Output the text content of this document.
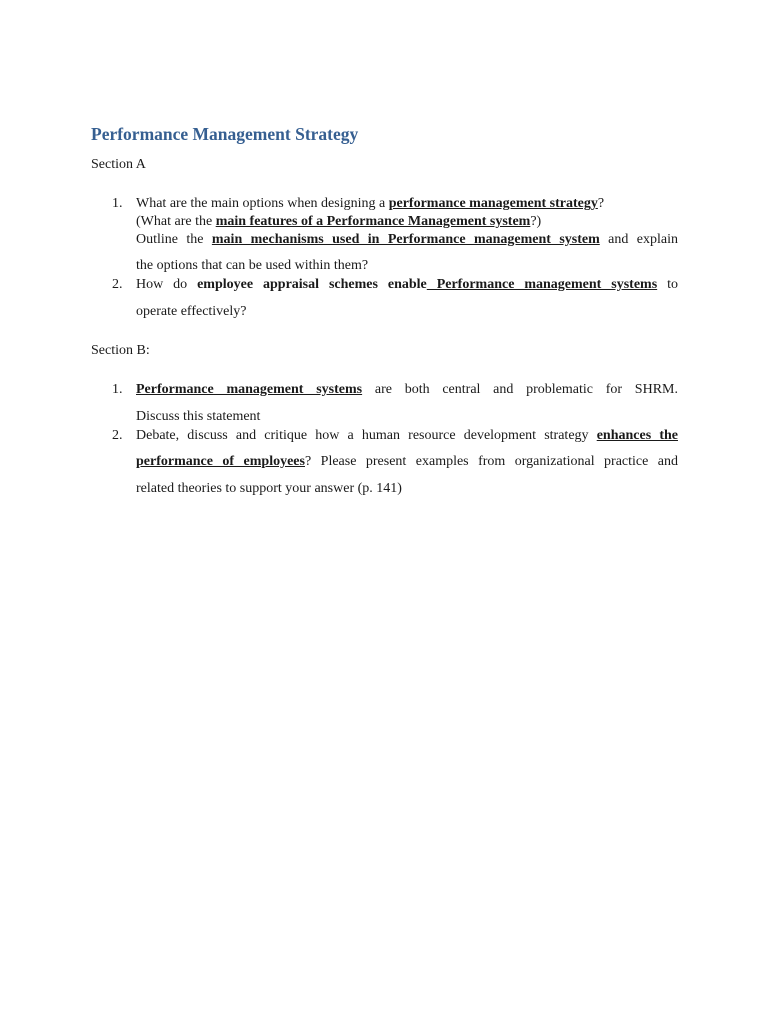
Performance Management Strategy
Section A
1. What are the main options when designing a performance management strategy?
(What are the main features of a Performance Management system?)
Outline the main mechanisms used in Performance management system and explain
the options that can be used within them?
2. How do employee appraisal schemes enable Performance management systems to
operate effectively?
Section B:
1. Performance management systems are both central and problematic for SHRM.
Discuss this statement
2. Debate, discuss and critique how a human resource development strategy enhances the
performance of employees? Please present examples from organizational practice and
related theories to support your answer (p. 141)
